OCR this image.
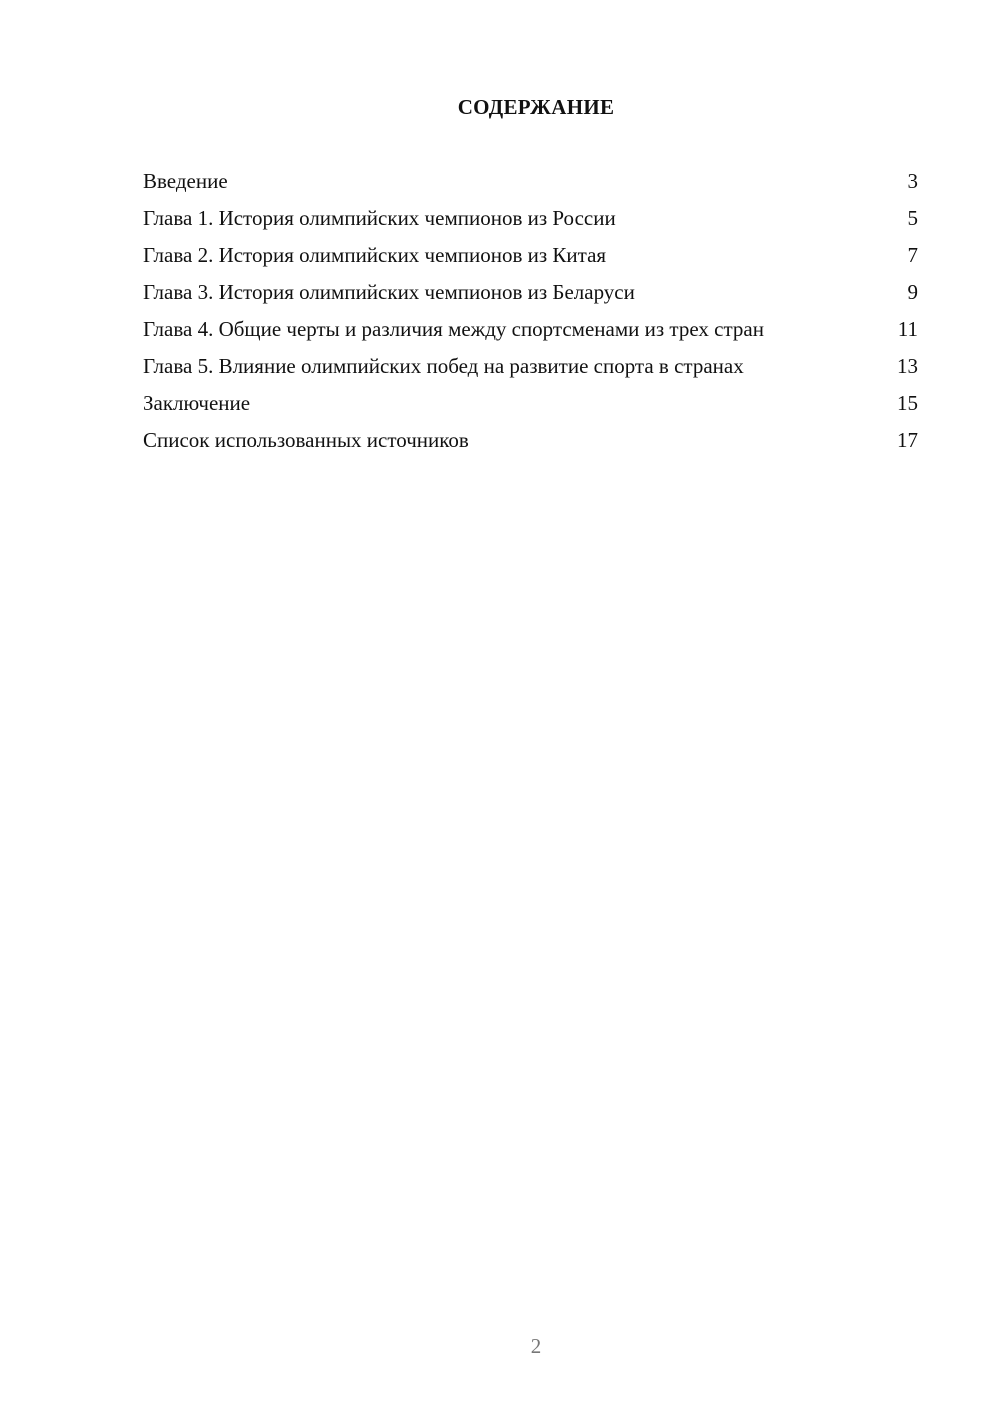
СОДЕРЖАНИЕ
Введение	3
Глава 1. История олимпийских чемпионов из России	5
Глава 2. История олимпийских чемпионов из Китая	7
Глава 3. История олимпийских чемпионов из Беларуси	9
Глава 4. Общие черты и различия между спортсменами из трех стран	11
Глава 5. Влияние олимпийских побед на развитие спорта в странах	13
Заключение	15
Список использованных источников	17
2
